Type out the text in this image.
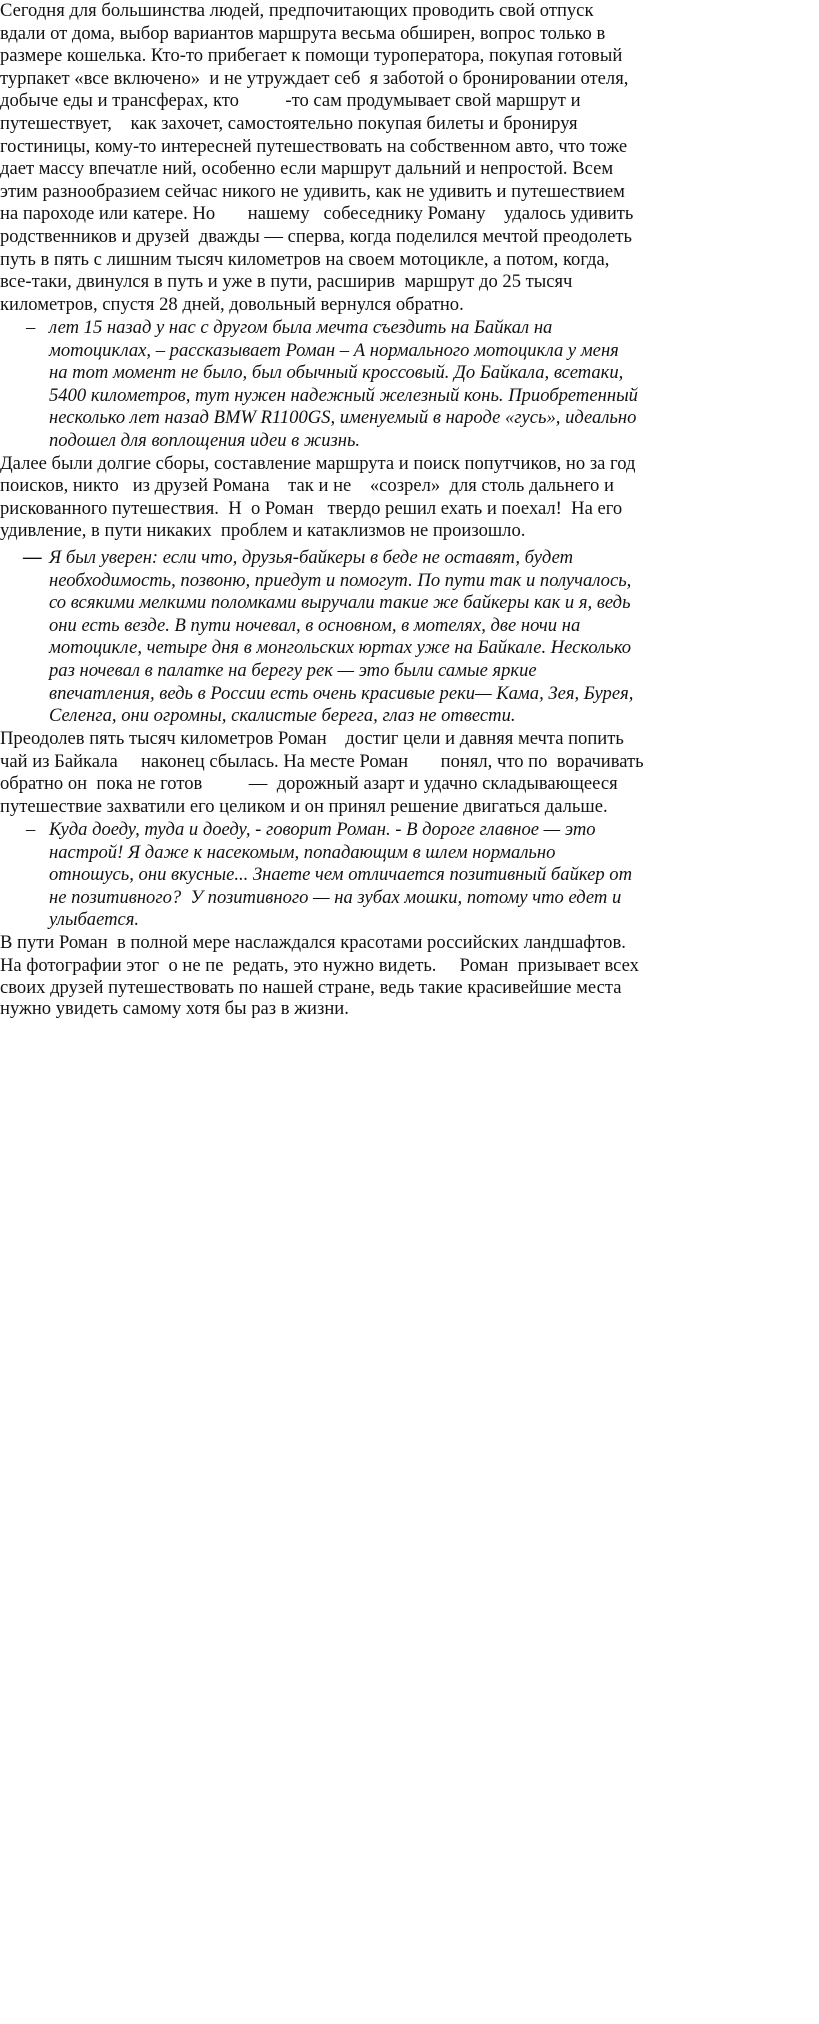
Сегодня для большинства людей, предпочитающих проводить свой отпуск

вдали от дома, выбор вариантов маршрута весьма обширен, вопрос только в

размере кошелька. Кто-то прибегает к помощи туроператора, покупая готовый

турпакет «все включено»  и не утруждает себ  я заботой о бронировании отеля,

добыче еды и трансферах, кто          -то сам продумывает свой маршрут и

путешествует,    как захочет, самостоятельно покупая билеты и бронируя

гостиницы, кому-то интересней путешествовать на собственном авто, что тоже

дает массу впечатле ний, особенно если маршрут дальний и непростой. Всем

этим разнообразием сейчас никого не удивить, как не удивить и путешествием

на пароходе или катере. Но       нашему   собеседнику Роману    удалось удивить

родственников и друзей  дважды — сперва, когда поделился мечтой преодолеть

путь в пять с лишним тысяч километров на своем мотоцикле, а потом, когда,

все-таки, двинулся в путь и уже в пути, расширив  маршрут до 25 тысяч

километров, спустя 28 дней, довольный вернулся обратно.

–

лет 15 назад у нас с другом была мечта съездить на Байкал на

мотоциклах, – рассказывает Роман – А нормального мотоцикла у меня

на тот момент не было, был обычный кроссовый. До Байкала, всетаки,

5400 километров, тут нужен надежный железный конь. Приобретенный

несколько лет назад BMW R1100GS, именуемый в народе «гусь», идеально

подошел для воплощения идеи в жизнь.

Далее были долгие сборы, составление маршрута и поиск попутчиков, но за год

поисков, никто   из друзей Романа    так и не    «созрел»  для столь дальнего и

рискованного путешествия.  Н  о Роман   твердо решил ехать и поехал!  На его

удивление, в пути никаких  проблем и катаклизмов не произошло.

—

Я был уверен: если что, друзья-байкеры в беде не оставят, будет

необходимость, позвоню, приедут и помогут. По пути так и получалось,

со всякими мелкими поломками выручали такие же байкеры как и я, ведь

они есть везде. В пути ночевал, в основном, в мотелях, две ночи на

мотоцикле, четыре дня в монгольских юртах уже на Байкале. Несколько

раз ночевал в палатке на берегу рек — это были самые яркие

впечатления, ведь в России есть очень красивые реки— Кама, Зея, Бурея,

Селенга, они огромны, скалистые берега, глаз не отвести.

Преодолев пять тысяч километров Роман    достиг цели и давняя мечта попить

чай из Байкала     наконец сбылась. На месте Роман       понял, что по  ворачивать

обратно он  пока не готов          —  дорожный азарт и удачно складывающееся

путешествие захватили его целиком и он принял решение двигаться дальше.

–

Куда доеду, туда и доеду, - говорит Роман. - В дороге главное — это

настрой! Я даже к насекомым, попадающим в шлем нормально

отношусь, они вкусные... Знаете чем отличается позитивный байкер от

не позитивного?  У позитивного — на зубах мошки, потому что едет и

улыбается.

В пути Роман  в полной мере наслаждался красотами российских ландшафтов.

На фотографии этог  о не пе  редать, это нужно видеть.     Роман  призывает всех

своих друзей путешествовать по нашей стране, ведь такие красивейшие места

нужно увидеть самому хотя бы раз в жизни.
